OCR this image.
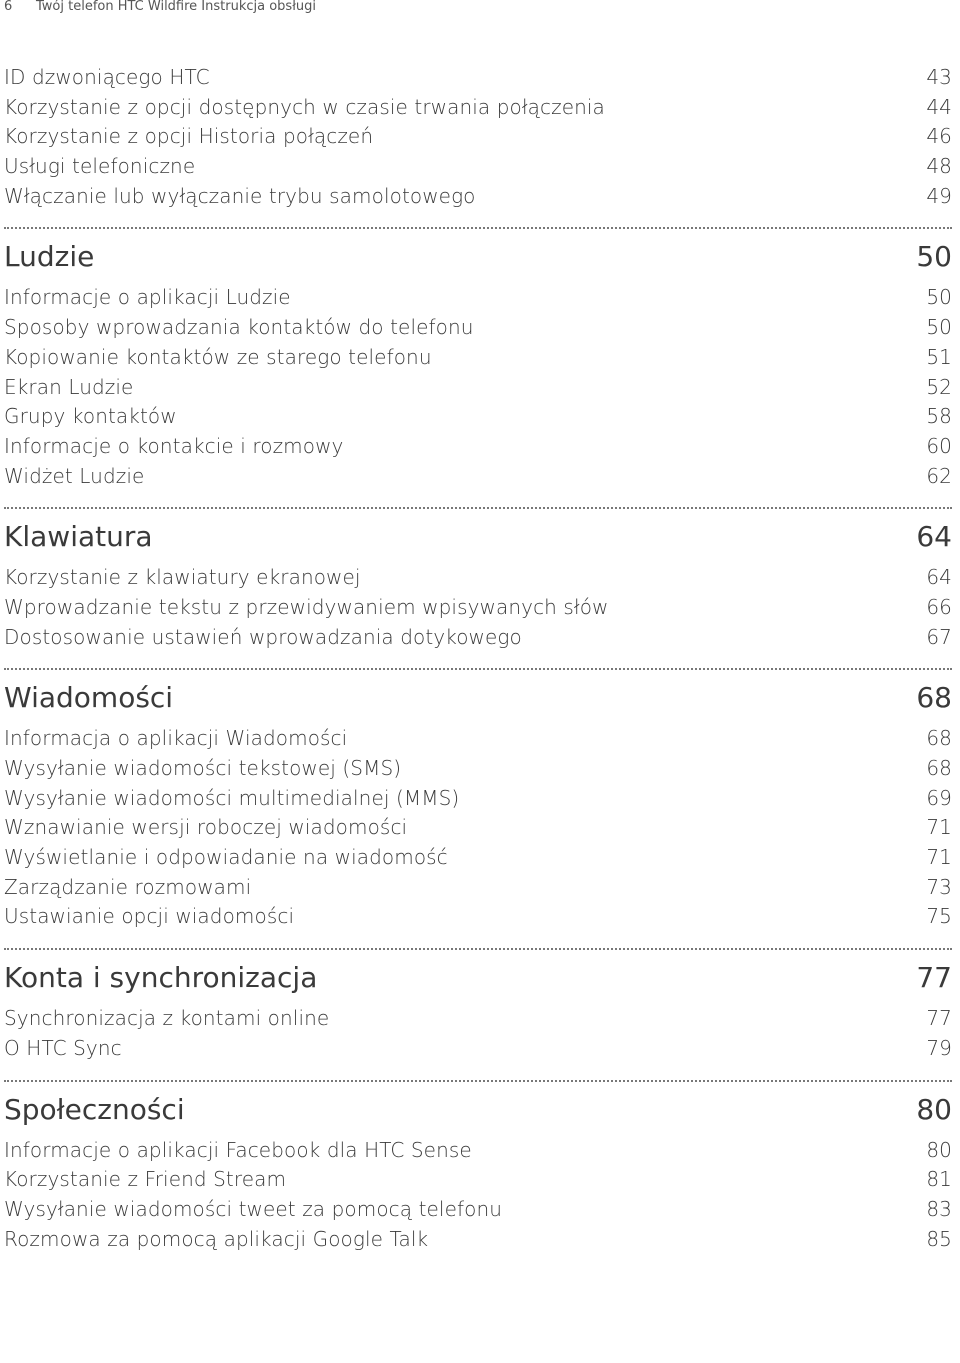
6 Twój telefon HTC Wildfire Instrukcja obsługi
ID dzwoniącego HTC	43
Korzystanie z opcji dostępnych w czasie trwania połączenia	44
Korzystanie z opcji Historia połączeń	46
Usługi telefoniczne	48
Włączanie lub wyłączanie trybu samolotowego	49
Ludzie	50
Informacje o aplikacji Ludzie	50
Sposoby wprowadzania kontaktów do telefonu	50
Kopiowanie kontaktów ze starego telefonu	51
Ekran Ludzie	52
Grupy kontaktów	58
Informacje o kontakcie i rozmowy	60
Widżet Ludzie	62
Klawiatura	64
Korzystanie z klawiatury ekranowej	64
Wprowadzanie tekstu z przewidywaniem wpisywanych słów	66
Dostosowanie ustawień wprowadzania dotykowego	67
Wiadomości	68
Informacja o aplikacji Wiadomości	68
Wysyłanie wiadomości tekstowej (SMS)	68
Wysyłanie wiadomości multimedialnej (MMS)	69
Wznawianie wersji roboczej wiadomości	71
Wyświetlanie i odpowiadanie na wiadomość	71
Zarządzanie rozmowami	73
Ustawianie opcji wiadomości	75
Konta i synchronizacja	77
Synchronizacja z kontami online	77
O HTC Sync	79
Społeczności	80
Informacje o aplikacji Facebook dla HTC Sense	80
Korzystanie z Friend Stream	81
Wysyłanie wiadomości tweet za pomocą telefonu	83
Rozmowa za pomocą aplikacji Google Talk	85
